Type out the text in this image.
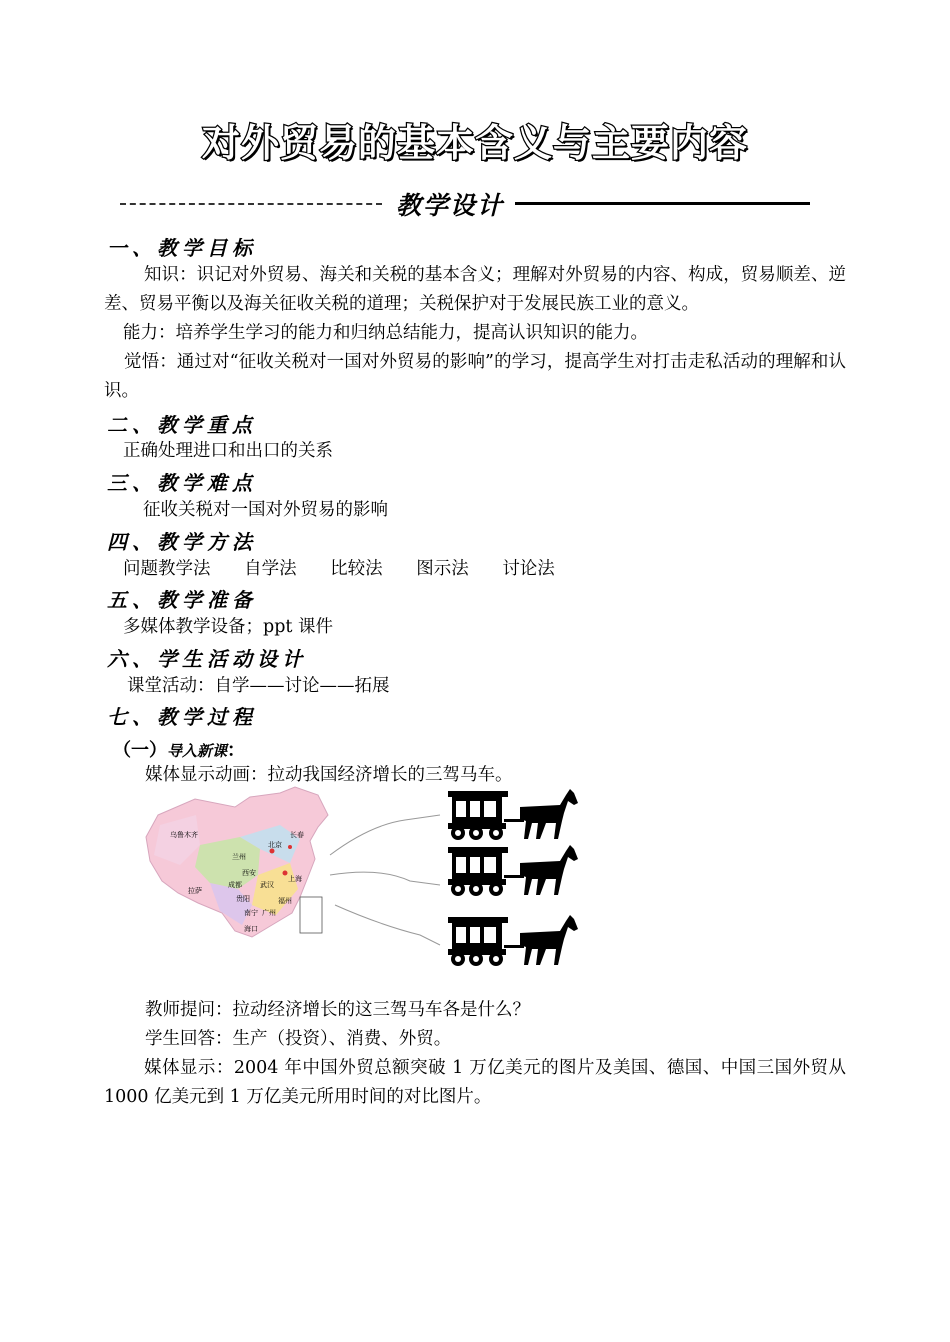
对外贸易的基本含义与主要内容
教学设计
一、教学目标
知识：识记对外贸易、海关和关税的基本含义；理解对外贸易的内容、构成，贸易顺差、逆差、贸易平衡以及海关征收关税的道理；关税保护对于发展民族工业的意义。
能力：培养学生学习的能力和归纳总结能力，提高认识知识的能力。
觉悟：通过对“征收关税对一国对外贸易的影响”的学习，提高学生对打击走私活动的理解和认识。
二、教学重点
正确处理进口和出口的关系
三、教学难点
征收关税对一国对外贸易的影响
四、教学方法
问题教学法 自学法 比较法 图示法 讨论法
五、教学准备
多媒体教学设备；ppt 课件
六、学生活动设计
课堂活动：自学——讨论——拓展
七、教学过程
（一）导入新课：
媒体显示动画：拉动我国经济增长的三驾马车。
乌鲁木齐	长春
北京
兰州
西安
成都	武汉
上海
拉萨
贵阳	福州
南宁 广州
海口
教师提问：拉动经济增长的这三驾马车各是什么？
学生回答：生产（投资）、消费、外贸。
媒体显示：2004 年中国外贸总额突破 1 万亿美元的图片及美国、德国、中国三国外贸从 1000 亿美元到 1 万亿美元所用时间的对比图片。
